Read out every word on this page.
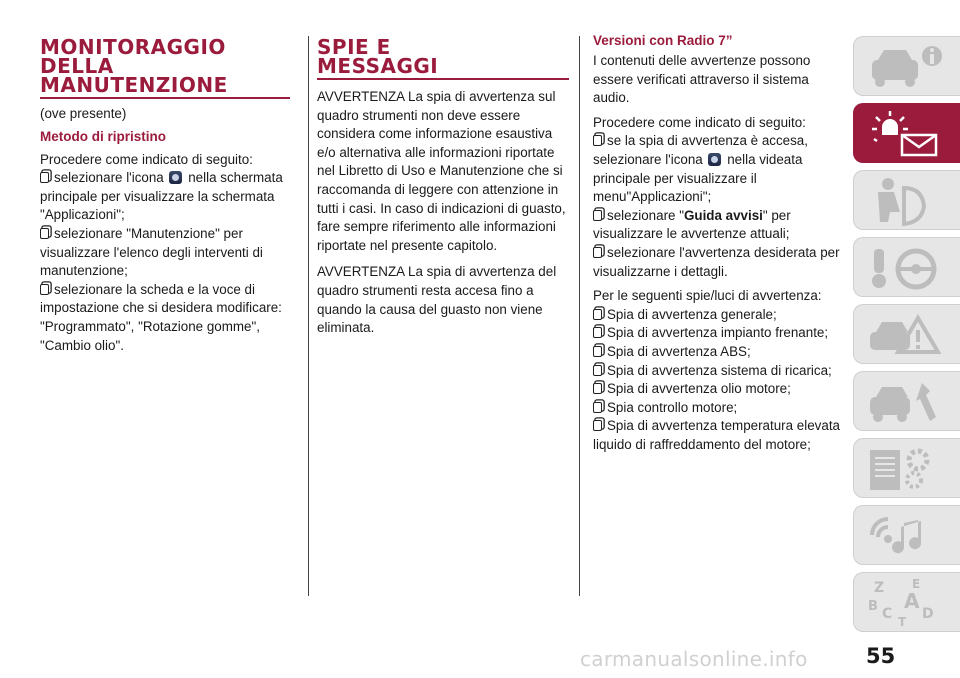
MONITORAGGIO
DELLA
MANUTENZIONE
(ove presente)
Metodo di ripristino
Procedere come indicato di seguito:
selezionare l'icona nella schermata principale per visualizzare la schermata "Applicazioni";
selezionare "Manutenzione" per visualizzare l'elenco degli interventi di manutenzione;
selezionare la scheda e la voce di impostazione che si desidera modificare: "Programmato", "Rotazione gomme", "Cambio olio".
SPIE E
MESSAGGI
AVVERTENZA La spia di avvertenza sul quadro strumenti non deve essere considera come informazione esaustiva e/o alternativa alle informazioni riportate nel Libretto di Uso e Manutenzione che si raccomanda di leggere con attenzione in tutti i casi. In caso di indicazioni di guasto, fare sempre riferimento alle informazioni riportate nel presente capitolo.
AVVERTENZA La spia di avvertenza del quadro strumenti resta accesa fino a quando la causa del guasto non viene eliminata.
Versioni con Radio 7”
I contenuti delle avvertenze possono essere verificati attraverso il sistema audio.
Procedere come indicato di seguito:
se la spia di avvertenza è accesa, selezionare l'icona nella videata principale per visualizzare il menu"Applicazioni";
selezionare "Guida avvisi" per visualizzare le avvertenze attuali;
selezionare l'avvertenza desiderata per visualizzarne i dettagli.
Per le seguenti spie/luci di avvertenza:
Spia di avvertenza generale;
Spia di avvertenza impianto frenante;
Spia di avvertenza ABS;
Spia di avvertenza sistema di ricarica;
Spia di avvertenza olio motore;
Spia controllo motore;
Spia di avvertenza temperatura elevata liquido di raffreddamento del motore;
Z E
B A
C D
T
carmanualsonline.info	55
